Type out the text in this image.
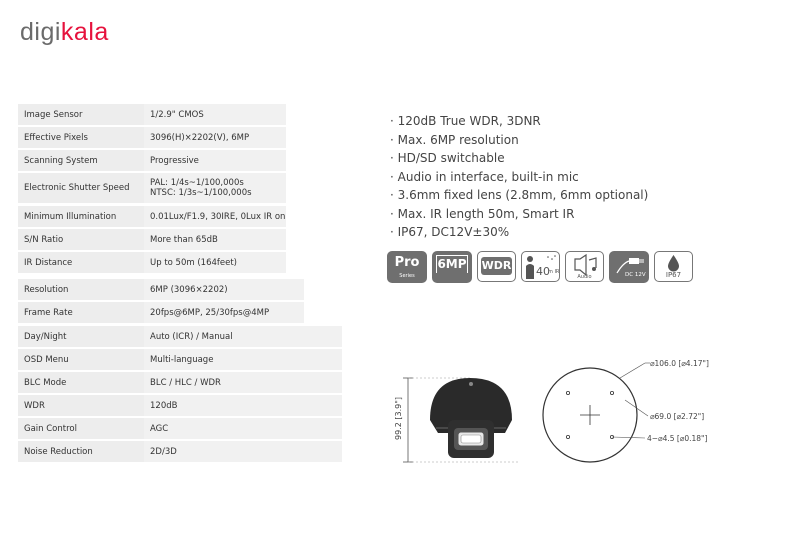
digikala
Image Sensor	1/2.9" CMOS
Effective Pixels	3096(H)×2202(V), 6MP
Scanning System	Progressive
Electronic Shutter Speed	PAL: 1/4s~1/100,000s
NTSC: 1/3s~1/100,000s
Minimum Illumination	0.01Lux/F1.9, 30IRE, 0Lux IR on
S/N Ratio	More than 65dB
IR Distance	Up to 50m (164feet)
Resolution	6MP (3096×2202)
Frame Rate	20fps@6MP, 25/30fps@4MP
Day/Night	Auto (ICR) / Manual
OSD Menu	Multi-language
BLC Mode	BLC / HLC / WDR
WDR	120dB
Gain Control	AGC
Noise Reduction	2D/3D
· 120dB True WDR, 3DNR
· Max. 6MP resolution
· HD/SD switchable
· Audio in interface, built-in mic
· 3.6mm fixed lens (2.8mm, 6mm optional)
· Max. IR length 50m, Smart IR
· IP67, DC12V±30%
Pro
Series
6MP	WDR	40
m IR
Audio	DC 12V	IP67
99.2 [3.9"]
⌀106.0 [⌀4.17"]
⌀69.0 [⌀2.72"]
4−⌀4.5 [⌀0.18"]
